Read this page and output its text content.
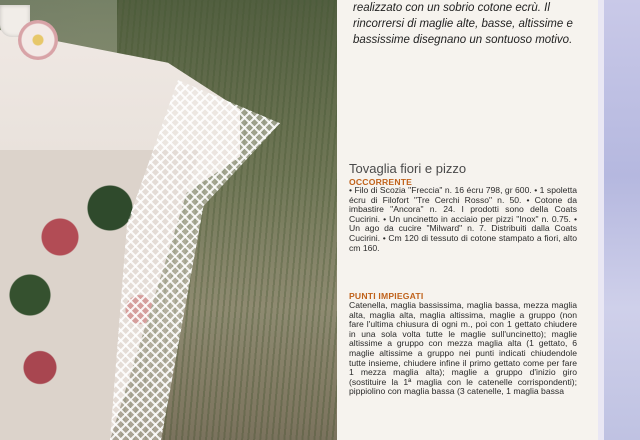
realizzato con un sobrio cotone ecrù. Il rincorrersi di maglie alte, basse, altissime e bassissime disegnano un sontuoso motivo.

Tovaglia fiori e pizzo

OCCORRENTE

• Filo di Scozia "Freccia" n. 16 écru 798, gr 600. • 1 spoletta écru di Filofort "Tre Cerchi Rosso" n. 50. • Cotone da imbastire "Ancora" n. 24. I prodotti sono della Coats Cucirini. • Un uncinetto in acciaio per pizzi "Inox" n. 0.75. • Un ago da cucire "Milward" n. 7. Distribuiti dalla Coats Cucirini. • Cm 120 di tessuto di cotone stampato a fiori, alto cm 160.

PUNTI IMPIEGATI

Catenella, maglia bassissima, maglia bassa, mezza maglia alta, maglia alta, maglia altissima, maglie a gruppo (non fare l'ultima chiusura di ogni m., poi con 1 gettato chiudere in una sola volta tutte le maglie sull'uncinetto); maglie altissime a gruppo con mezza maglia alta (1 gettato, 6 maglie altissime a gruppo nei punti indicati chiudendole tutte insieme, chiudere infine il primo gettato come per fare 1 mezza maglia alta); maglie a gruppo d'inizio giro (sostituire la 1ª maglia con le catenelle corrispondenti); pippiolino con maglia bassa (3 catenelle, 1 maglia bassa
